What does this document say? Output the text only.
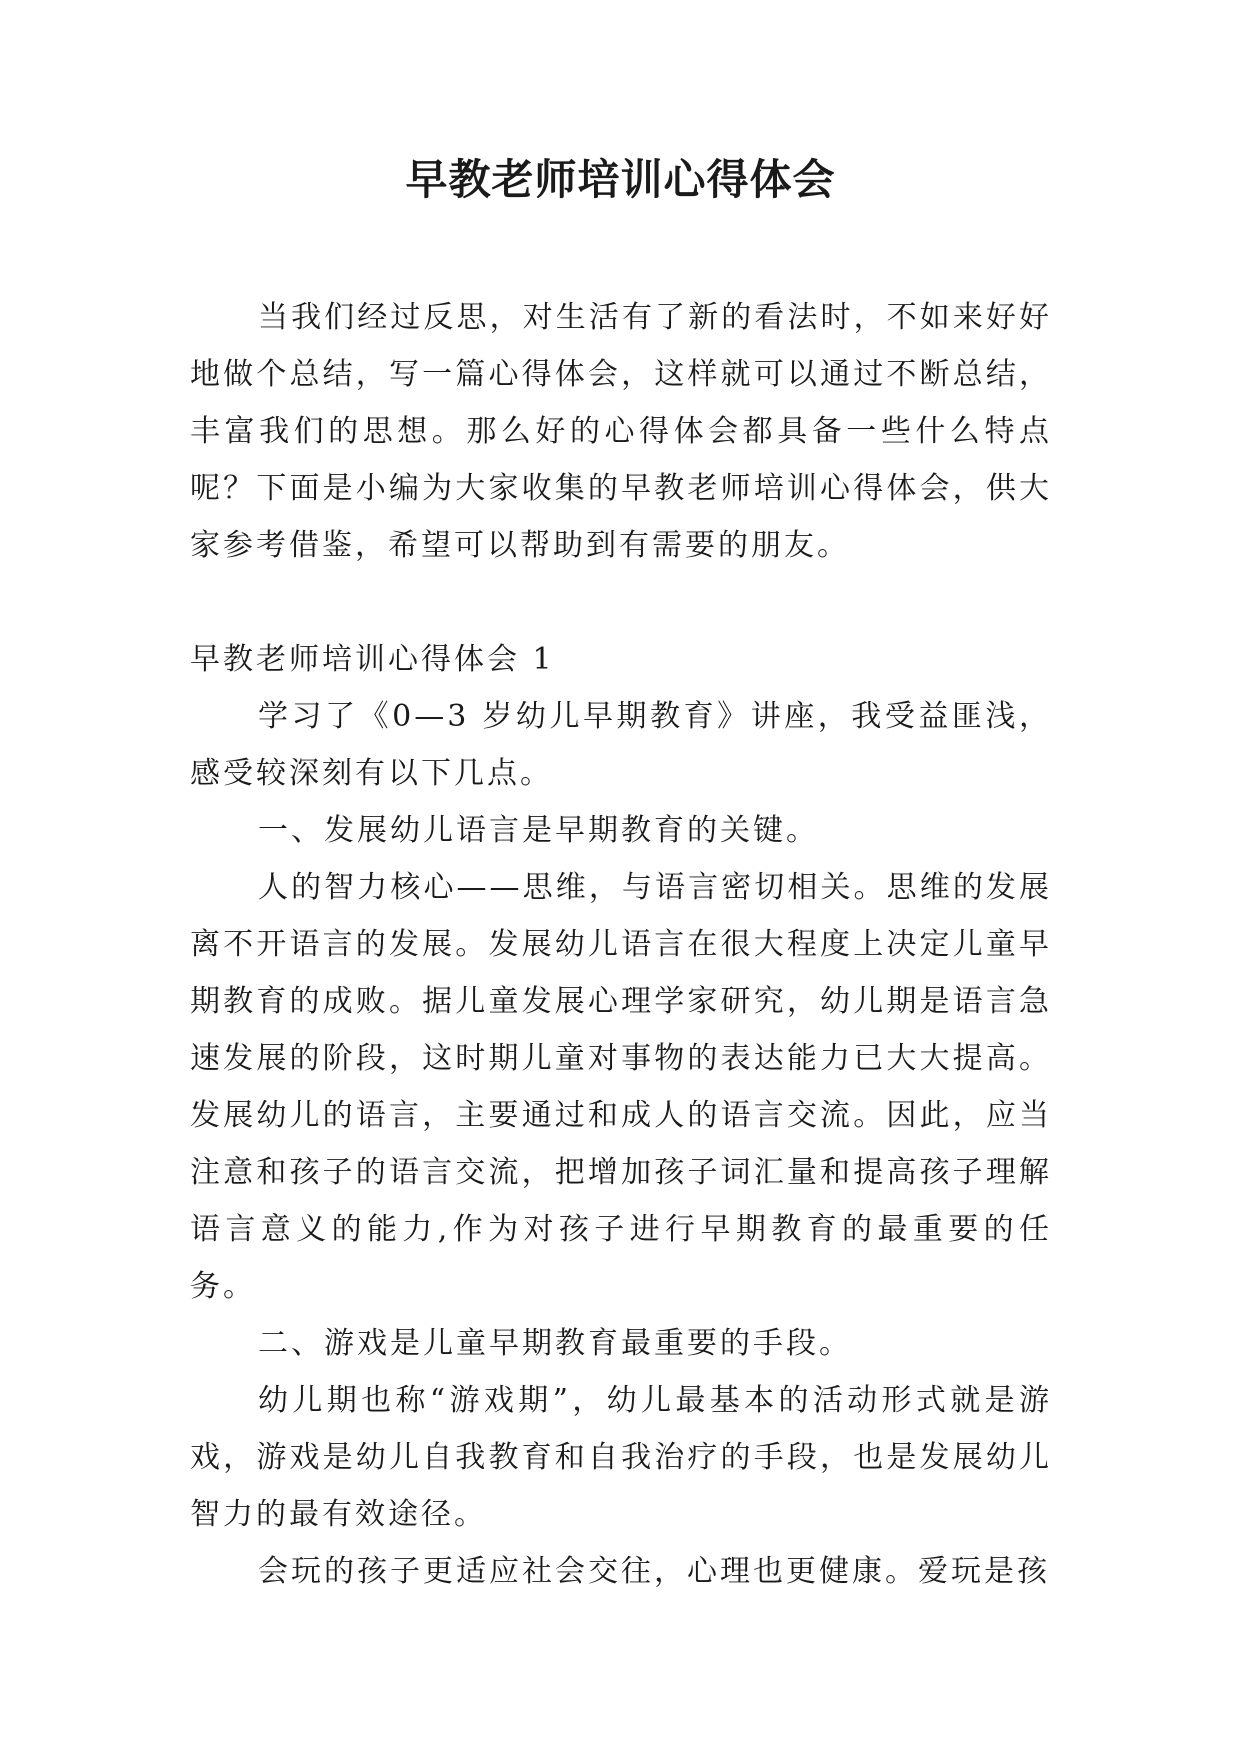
早教老师培训心得体会

当我们经过反思，对生活有了新的看法时，不如来好好地做个总结，写一篇心得体会，这样就可以通过不断总结，丰富我们的思想。那么好的心得体会都具备一些什么特点呢？下面是小编为大家收集的早教老师培训心得体会，供大家参考借鉴，希望可以帮助到有需要的朋友。

早教老师培训心得体会 1

学习了《0—3 岁幼儿早期教育》讲座，我受益匪浅，感受较深刻有以下几点。

一、发展幼儿语言是早期教育的关键。

人的智力核心——思维，与语言密切相关。思维的发展离不开语言的发展。发展幼儿语言在很大程度上决定儿童早期教育的成败。据儿童发展心理学家研究，幼儿期是语言急速发展的阶段，这时期儿童对事物的表达能力已大大提高。发展幼儿的语言，主要通过和成人的语言交流。因此，应当注意和孩子的语言交流，把增加孩子词汇量和提高孩子理解语言意义的能力,作为对孩子进行早期教育的最重要的任务。

二、游戏是儿童早期教育最重要的手段。

幼儿期也称“游戏期”，幼儿最基本的活动形式就是游戏，游戏是幼儿自我教育和自我治疗的手段，也是发展幼儿智力的最有效途径。

会玩的孩子更适应社会交往，心理也更健康。爱玩是孩
